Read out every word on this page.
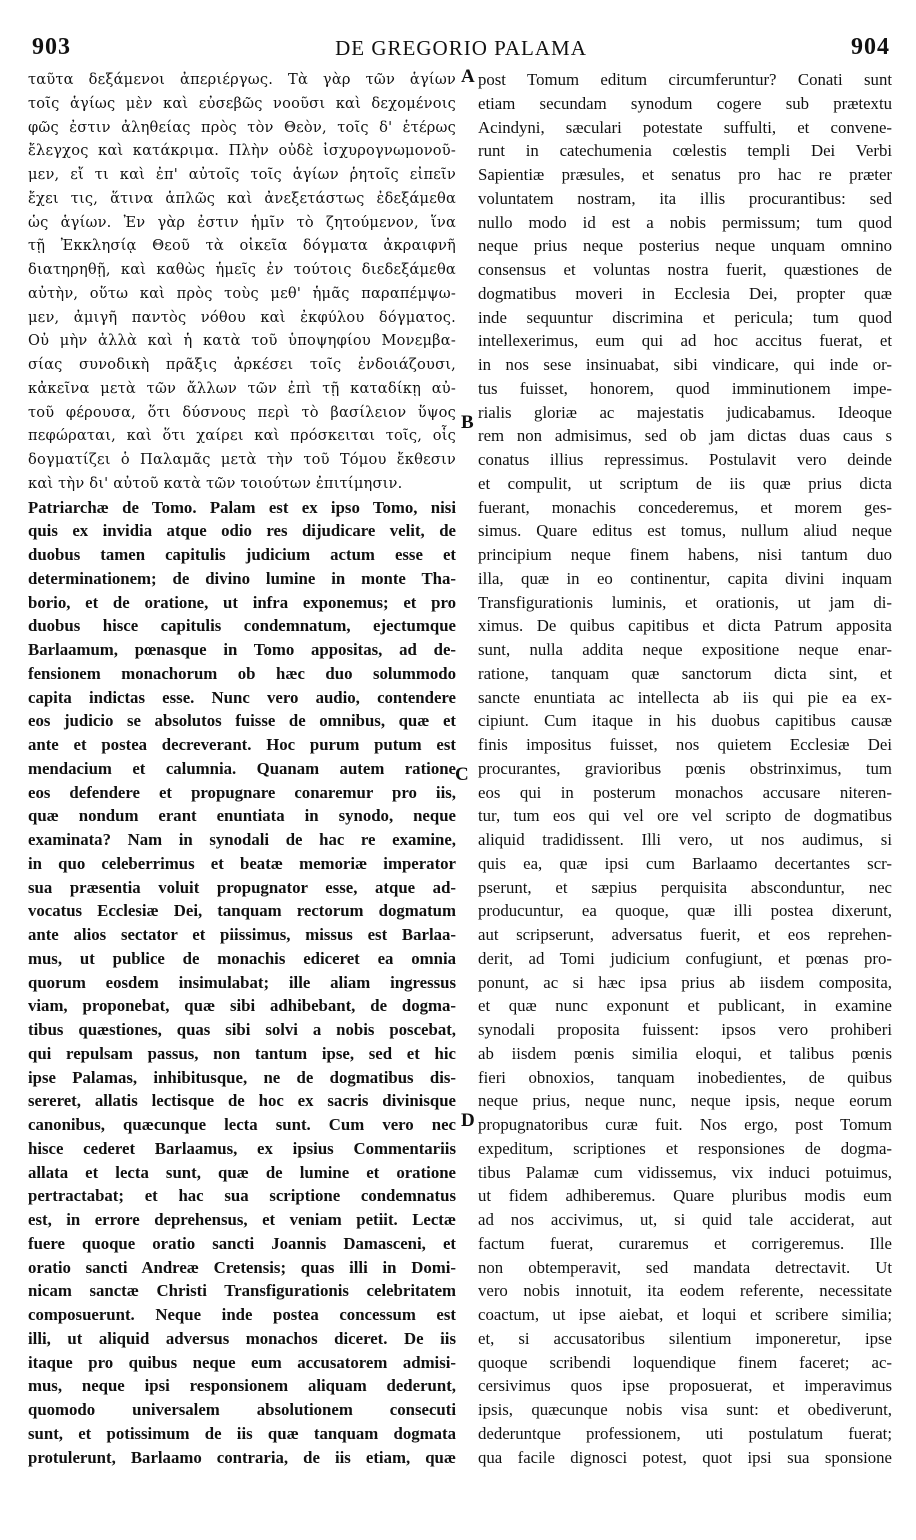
903	DE GREGORIO PALAMA	904
ταῦτα δεξάμενοι ἀπεριέργως. Τὰ γὰρ τῶν ἁγίων
τοῖς ἁγίως μὲν καὶ εὐσεβῶς νοοῦσι καὶ δεχομένοις
φῶς ἐστιν ἀληθείας πρὸς τὸν Θεὸν, τοῖς δ' ἑτέρως
ἔλεγχος καὶ κατάκριμα. Πλὴν οὐδὲ ἰσχυρογνωμονοῦ-
μεν, εἴ τι καὶ ἐπ' αὐτοῖς τοῖς ἁγίων ῥητοῖς εἰπεῖν
ἔχει τις, ἅτινα ἁπλῶς καὶ ἀνεξετάστως ἐδεξάμεθα
ὡς ἁγίων. Ἐν γὰρ ἐστιν ἡμῖν τὸ ζητούμενον, ἵνα
τῇ Ἐκκλησίᾳ Θεοῦ τὰ οἰκεῖα δόγματα ἀκραιφνῆ
διατηρηθῇ, καὶ καθὼς ἡμεῖς ἐν τούτοις διεδεξάμεθα
αὐτὴν, οὕτω καὶ πρὸς τοὺς μεθ' ἡμᾶς παραπέμψω-
μεν, ἀμιγῆ παντὸς νόθου καὶ ἐκφύλου δόγματος.
Οὐ μὴν ἀλλὰ καὶ ἡ κατὰ τοῦ ὑποψηφίου Μονεμβα-
σίας συνοδικὴ πρᾶξις ἀρκέσει τοῖς ἐνδοιάζουσι,
κἀκεῖνα μετὰ τῶν ἄλλων τῶν ἐπὶ τῇ καταδίκῃ αὐ-
τοῦ φέρουσα, ὅτι δύσνους περὶ τὸ βασίλειον ὕψος
πεφώραται, καὶ ὅτι χαίρει καὶ πρόσκειται τοῖς, οἷς
δογματίζει ὁ Παλαμᾶς μετὰ τὴν τοῦ Τόμου ἔκθεσιν
καὶ τὴν δι' αὐτοῦ κατὰ τῶν τοιούτων ἐπιτίμησιν.
Patriarchæ de Tomo. Palam est ex ipso Tomo, nisi
quis ex invidia atque odio res dijudicare velit, de
duobus tamen capitulis judicium actum esse et
determinationem; de divino lumine in monte Tha-
borio, et de oratione, ut infra exponemus; et pro
duobus hisce capitulis condemnatum, ejectumque
Barlaamum, pœnasque in Tomo appositas, ad de-
fensionem monachorum ob hæc duo solummodo
capita indictas esse. Nunc vero audio, contendere
eos judicio se absolutos fuisse de omnibus, quæ et
ante et postea decreverant. Hoc purum putum est
mendacium et calumnia. Quanam autem ratione
eos defendere et propugnare conaremur pro iis,
quæ nondum erant enuntiata in synodo, neque
examinata? Nam in synodali de hac re examine,
in quo celeberrimus et beatæ memoriæ imperator
sua præsentia voluit propugnator esse, atque ad-
vocatus Ecclesiæ Dei, tanquam rectorum dogmatum
ante alios sectator et piissimus, missus est Barlaa-
mus, ut publice de monachis ediceret ea omnia
quorum eosdem insimulabat; ille aliam ingressus
viam, proponebat, quæ sibi adhibebant, de dogma-
tibus quæstiones, quas sibi solvi a nobis poscebat,
qui repulsam passus, non tantum ipse, sed et hic
ipse Palamas, inhibitusque, ne de dogmatibus dis-
sereret, allatis lectisque de hoc ex sacris divinisque
canonibus, quæcunque lecta sunt. Cum vero nec
hisce cederet Barlaamus, ex ipsius Commentariis
allata et lecta sunt, quæ de lumine et oratione
pertractabat; et hac sua scriptione condemnatus
est, in errore deprehensus, et veniam petiit. Lectæ
fuere quoque oratio sancti Joannis Damasceni, et
oratio sancti Andreæ Cretensis; quas illi in Domi-
nicam sanctæ Christi Transfigurationis celebritatem
composuerunt. Neque inde postea concessum est
illi, ut aliquid adversus monachos diceret. De iis
itaque pro quibus neque eum accusatorem admisi-
mus, neque ipsi responsionem aliquam dederunt,
quomodo universalem absolutionem consecuti
sunt, et potissimum de iis quæ tanquam dogmata
protulerunt, Barlaamo contraria, de iis etiam, quæ
post Tomum editum circumferuntur? Conati sunt
etiam secundam synodum cogere sub prætextu
Acindyni, sæculari potestate suffulti, et convene-
runt in catechumenia cœlestis templi Dei Verbi
Sapientiæ præsules, et senatus pro hac re præter
voluntatem nostram, ita illis procurantibus: sed
nullo modo id est a nobis permissum; tum quod
neque prius neque posterius neque unquam omnino
consensus et voluntas nostra fuerit, quæstiones de
dogmatibus moveri in Ecclesia Dei, propter quæ
inde sequuntur discrimina et pericula; tum quod
intellexerimus, eum qui ad hoc accitus fuerat, et
in nos sese insinuabat, sibi vindicare, qui inde or-
tus fuisset, honorem, quod imminutionem impe-
rialis gloriæ ac majestatis judicabamus. Ideoque
rem non admisimus, sed ob jam dictas duas caus s
conatus illius repressimus. Postulavit vero deinde
et compulit, ut scriptum de iis quæ prius dicta
fuerant, monachis concederemus, et morem ges-
simus. Quare editus est tomus, nullum aliud neque
principium neque finem habens, nisi tantum duo
illa, quæ in eo continentur, capita divini inquam
Transfigurationis luminis, et orationis, ut jam di-
ximus. De quibus capitibus et dicta Patrum apposita
sunt, nulla addita neque expositione neque enar-
ratione, tanquam quæ sanctorum dicta sint, et
sancte enuntiata ac intellecta ab iis qui pie ea ex-
cipiunt. Cum itaque in his duobus capitibus causæ
finis impositus fuisset, nos quietem Ecclesiæ Dei
procurantes, gravioribus pœnis obstrinximus, tum
eos qui in posterum monachos accusare niteren-
tur, tum eos qui vel ore vel scripto de dogmatibus
aliquid tradidissent. Illi vero, ut nos audimus, si
quis ea, quæ ipsi cum Barlaamo decertantes scr-
pserunt, et sæpius perquisita absconduntur, nec
producuntur, ea quoque, quæ illi postea dixerunt,
aut scripserunt, adversatus fuerit, et eos reprehen-
derit, ad Tomi judicium confugiunt, et pœnas pro-
ponunt, ac si hæc ipsa prius ab iisdem composita,
et quæ nunc exponunt et publicant, in examine
synodali proposita fuissent: ipsos vero prohiberi
ab iisdem pœnis similia eloqui, et talibus pœnis
fieri obnoxios, tanquam inobedientes, de quibus
neque prius, neque nunc, neque ipsis, neque eorum
propugnatoribus curæ fuit. Nos ergo, post Tomum
expeditum, scriptiones et responsiones de dogma-
tibus Palamæ cum vidissemus, vix induci potuimus,
ut fidem adhiberemus. Quare pluribus modis eum
ad nos accivimus, ut, si quid tale acciderat, aut
factum fuerat, curaremus et corrigeremus. Ille
non obtemperavit, sed mandata detrectavit. Ut
vero nobis innotuit, ita eodem referente, necessitate
coactum, ut ipse aiebat, et loqui et scribere similia;
et, si accusatoribus silentium imponeretur, ipse
quoque scribendi loquendique finem faceret; ac-
cersivimus quos ipse proposuerat, et imperavimus
ipsis, quæcunque nobis visa sunt: et obediverunt,
dederuntque professionem, uti postulatum fuerat;
qua facile dignosci potest, quot ipsi sua sponsione
A
B
C
D
